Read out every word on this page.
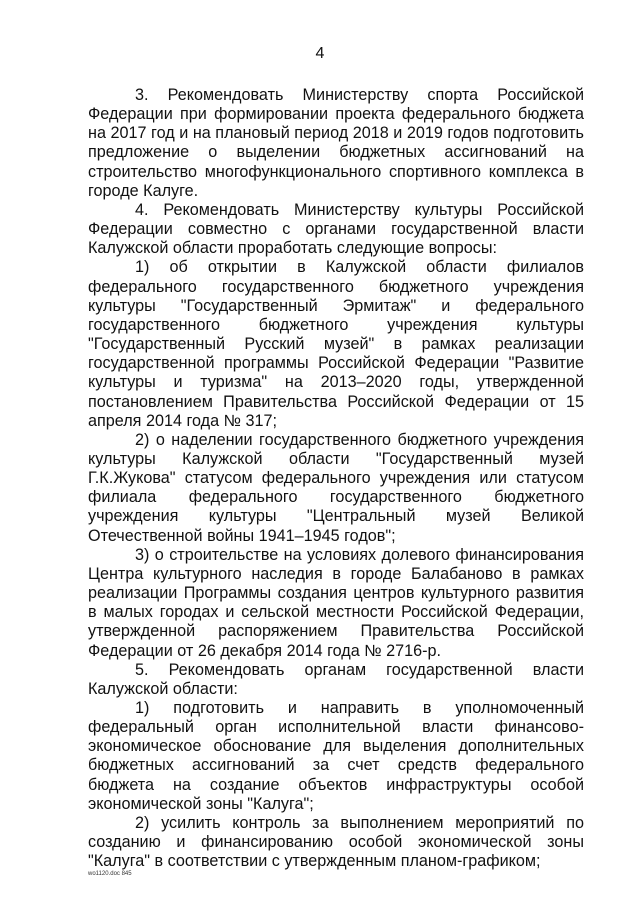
4

3. Рекомендовать Министерству спорта Российской Федерации при формировании проекта федерального бюджета на 2017 год и на плановый период 2018 и 2019 годов подготовить предложение о выделении бюджетных ассигнований на строительство многофункционального спортивного комплекса в городе Калуге.

4. Рекомендовать Министерству культуры Российской Федерации совместно с органами государственной власти Калужской области проработать следующие вопросы:

1) об открытии в Калужской области филиалов федерального государственного бюджетного учреждения культуры "Государственный Эрмитаж" и федерального государственного бюджетного учреждения культуры "Государственный Русский музей" в рамках реализации государственной программы Российской Федерации "Развитие культуры и туризма" на 2013–2020 годы, утвержденной постановлением Правительства Российской Федерации от 15 апреля 2014 года № 317;

2) о наделении государственного бюджетного учреждения культуры Калужской области "Государственный музей Г.К.Жукова" статусом федерального учреждения или статусом филиала федерального государственного бюджетного учреждения культуры "Центральный музей Великой Отечественной войны 1941–1945 годов";

3) о строительстве на условиях долевого финансирования Центра культурного наследия в городе Балабаново в рамках реализации Программы создания центров культурного развития в малых городах и сельской местности Российской Федерации, утвержденной распоряжением Правительства Российской Федерации от 26 декабря 2014 года № 2716-р.

5. Рекомендовать органам государственной власти Калужской области:

1) подготовить и направить в уполномоченный федеральный орган исполнительной власти финансово-экономическое обоснование для выделения дополнительных бюджетных ассигнований за счет средств федерального бюджета на создание объектов инфраструктуры особой экономической зоны "Калуга";

2) усилить контроль за выполнением мероприятий по созданию и финансированию особой экономической зоны "Калуга" в соответствии с утвержденным планом-графиком;

wo1120.doc 845
